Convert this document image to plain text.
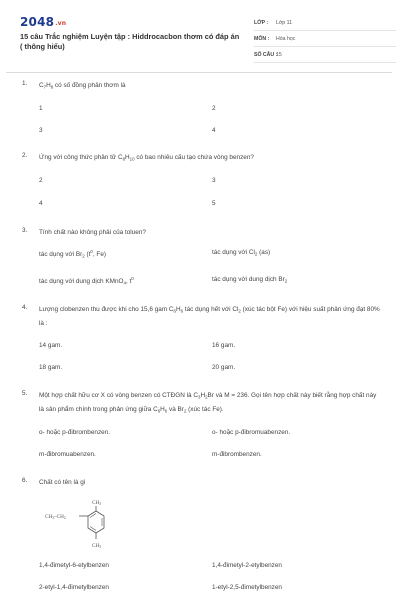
2048.vn
15 câu Trắc nghiệm Luyện tập : Hiddrocacbon thơm có đáp án ( thông hiểu)
LỚP : Lớp 11
MÔN : Hóa học
SỐ CÂU :
15
1. $C_7H_8$ có số đồng phân thơm là
1	2
3	4
2. Ứng với công thức phân tử $C_8H_{10}$ có bao nhiêu cấu tạo chứa vòng benzen?
2	3
4	5
3. Tính chất nào không phải của toluen?
tác dụng với $Br_2$ ($t^0$, Fe)	tác dụng với $Cl_2$ (as)
tác dụng với dung dịch KMnO$_4$, $t^0$	tác dụng với dung dịch $Br_2$
4. Lượng clobenzen thu được khi cho 15,6 gam $C_6H_6$ tác dụng hết với $Cl_2$ (xúc tác bột Fe) với hiệu suất phản ứng đạt 80% là :
14 gam.	16 gam.
18 gam.	20 gam.
5. Một hợp chất hữu cơ X có vòng benzen có CTĐGN là $C_3H_2Br$ và M = 236. Gọi tên hợp chất này biết rằng hợp chất này là sản phẩm chính trong phản ứng giữa $C_6H_6$ và $Br_2$ (xúc tác Fe).
o- hoặc p-đibrombenzen.	o- hoặc p-đibromuabenzen.
m-đibromuabenzen.	m-đibrombenzen.
6. Chất có tên là gì
$CH_3$
$CH_3$
$CH_3-CH_2$
1,4-đimetyl-6-etylbenzen	1,4-đimetyl-2-etylbenzen
2-etyl-1,4-đimetylbenzen	1-etyl-2,5-đimetylbenzen
